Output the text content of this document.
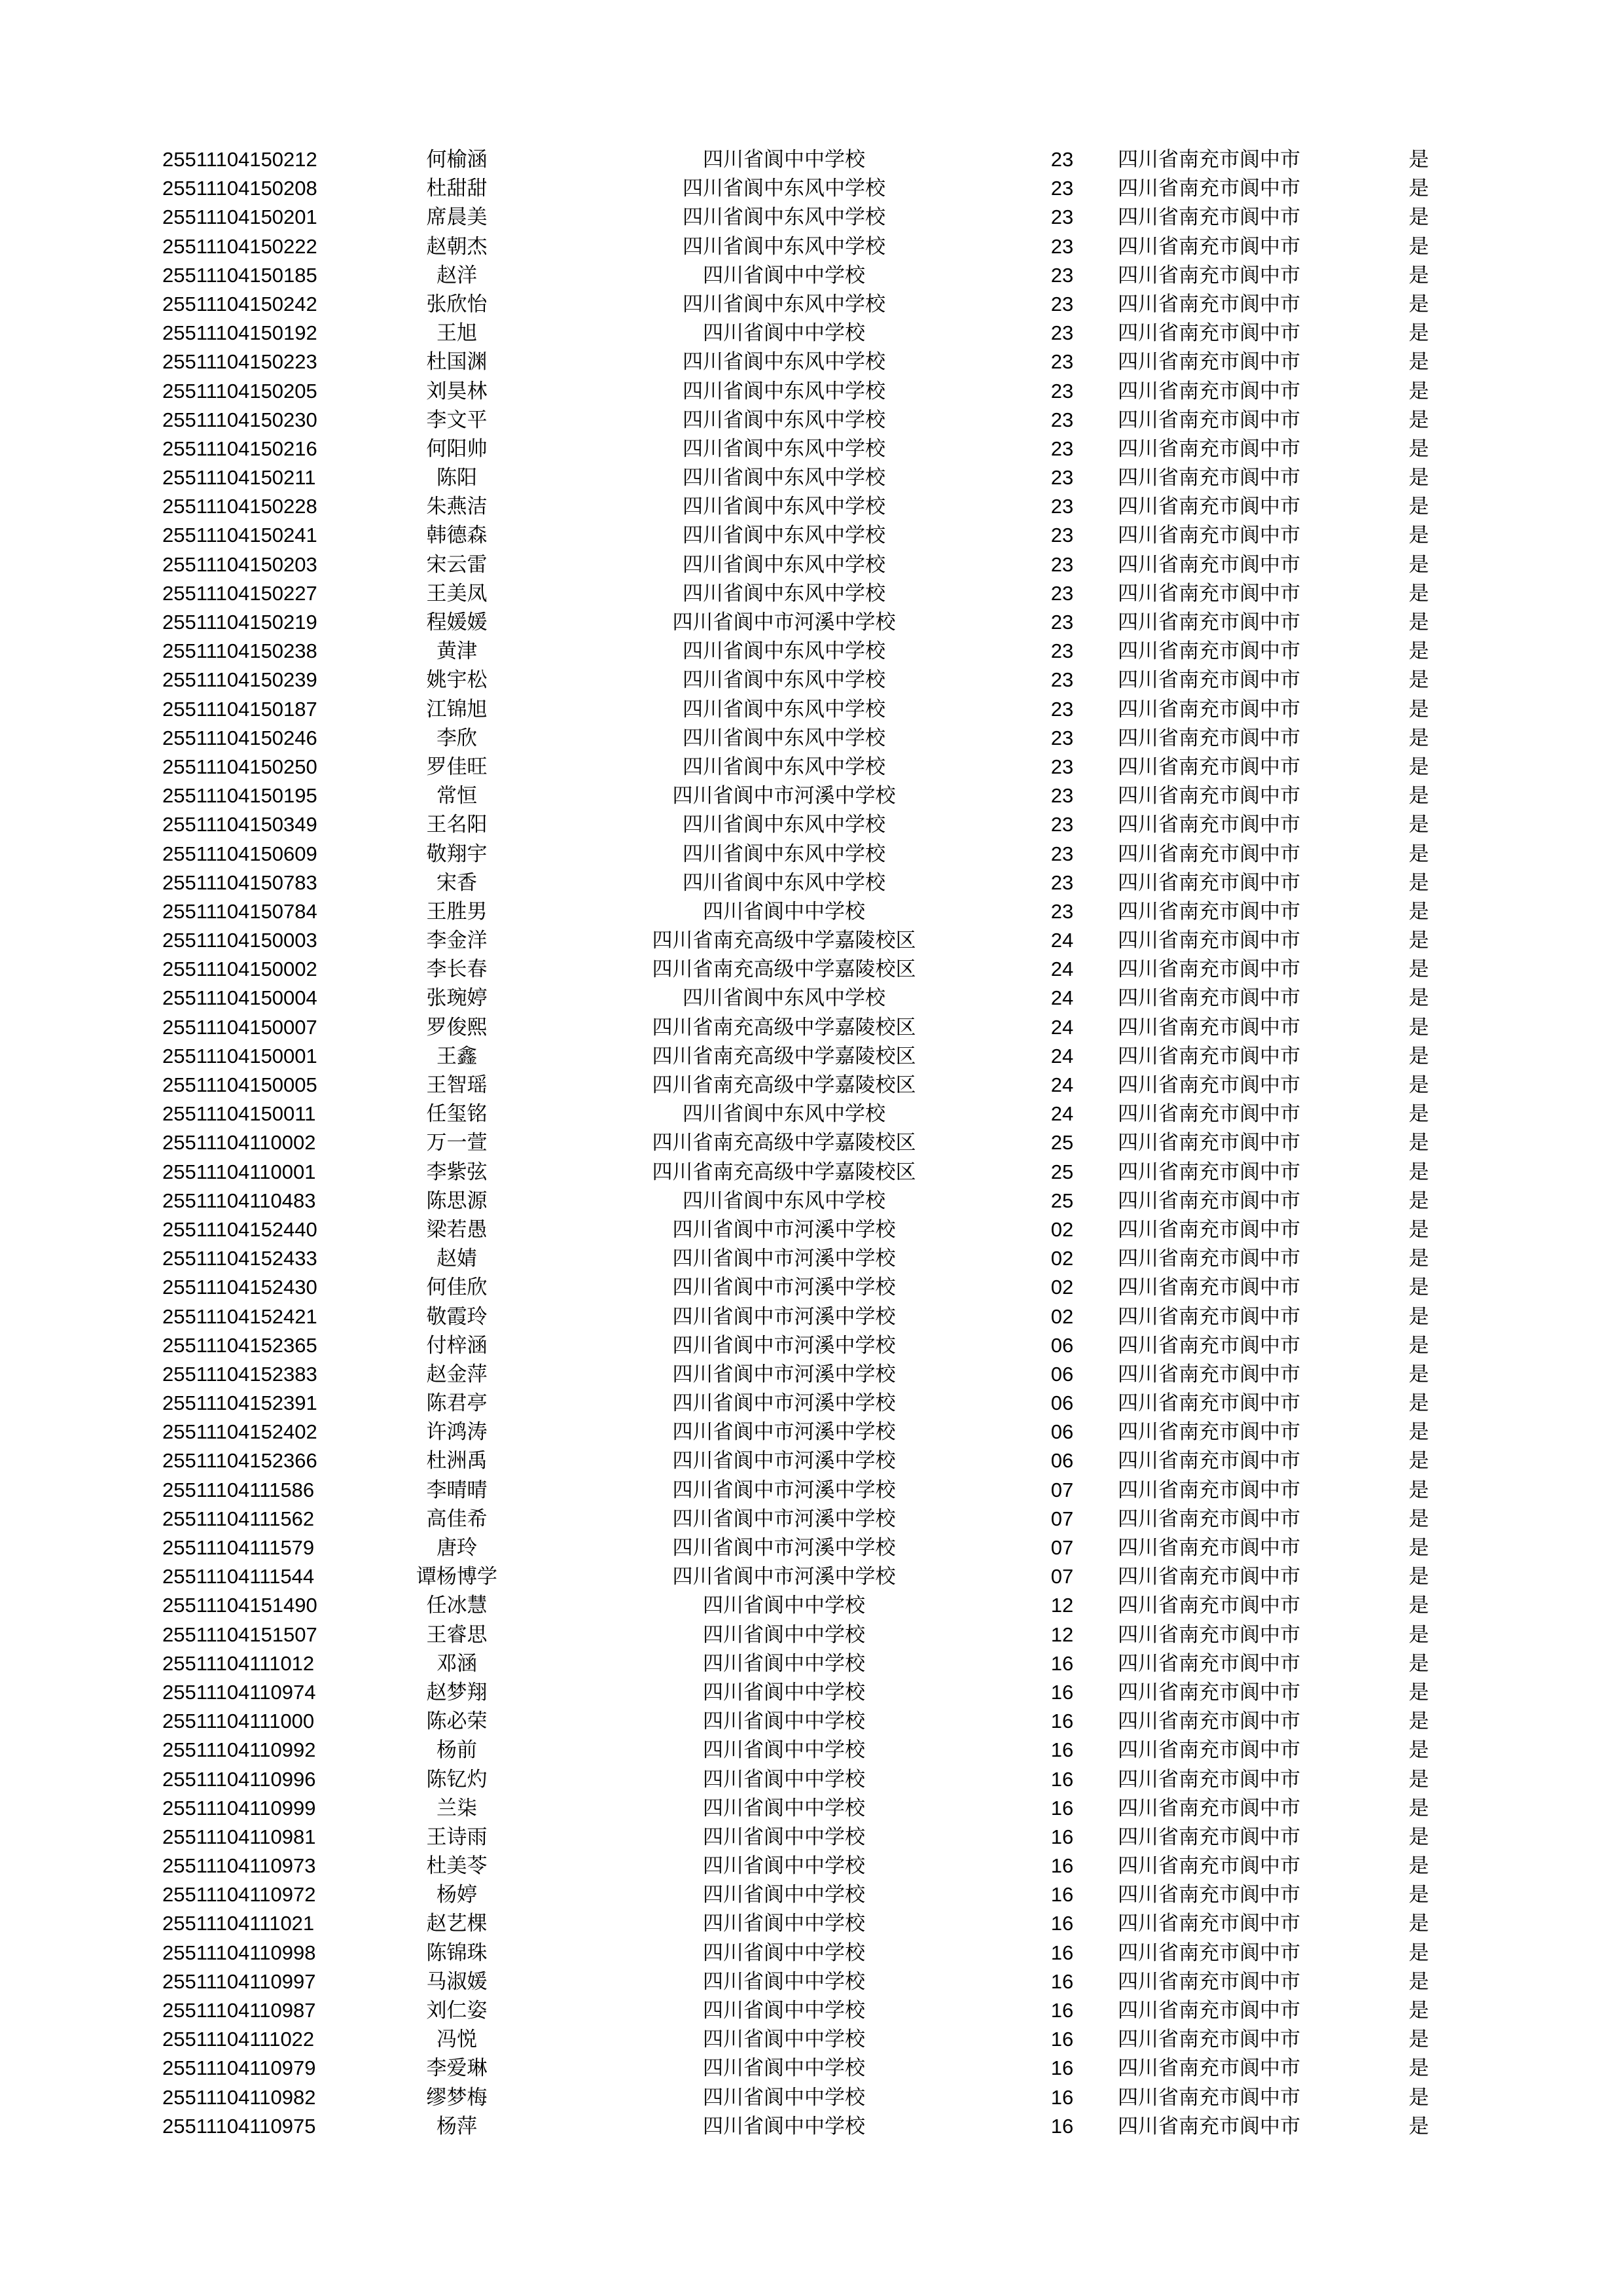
25511104150212	何榆涵	四川省阆中中学校	23	四川省南充市阆中市	是
25511104150208	杜甜甜	四川省阆中东风中学校	23	四川省南充市阆中市	是
25511104150201	席晨美	四川省阆中东风中学校	23	四川省南充市阆中市	是
25511104150222	赵朝杰	四川省阆中东风中学校	23	四川省南充市阆中市	是
25511104150185	赵洋	四川省阆中中学校	23	四川省南充市阆中市	是
25511104150242	张欣怡	四川省阆中东风中学校	23	四川省南充市阆中市	是
25511104150192	王旭	四川省阆中中学校	23	四川省南充市阆中市	是
25511104150223	杜国渊	四川省阆中东风中学校	23	四川省南充市阆中市	是
25511104150205	刘昊林	四川省阆中东风中学校	23	四川省南充市阆中市	是
25511104150230	李文平	四川省阆中东风中学校	23	四川省南充市阆中市	是
25511104150216	何阳帅	四川省阆中东风中学校	23	四川省南充市阆中市	是
25511104150211	陈阳	四川省阆中东风中学校	23	四川省南充市阆中市	是
25511104150228	朱燕洁	四川省阆中东风中学校	23	四川省南充市阆中市	是
25511104150241	韩德森	四川省阆中东风中学校	23	四川省南充市阆中市	是
25511104150203	宋云雷	四川省阆中东风中学校	23	四川省南充市阆中市	是
25511104150227	王美凤	四川省阆中东风中学校	23	四川省南充市阆中市	是
25511104150219	程媛媛	四川省阆中市河溪中学校	23	四川省南充市阆中市	是
25511104150238	黄津	四川省阆中东风中学校	23	四川省南充市阆中市	是
25511104150239	姚宇松	四川省阆中东风中学校	23	四川省南充市阆中市	是
25511104150187	江锦旭	四川省阆中东风中学校	23	四川省南充市阆中市	是
25511104150246	李欣	四川省阆中东风中学校	23	四川省南充市阆中市	是
25511104150250	罗佳旺	四川省阆中东风中学校	23	四川省南充市阆中市	是
25511104150195	常恒	四川省阆中市河溪中学校	23	四川省南充市阆中市	是
25511104150349	王名阳	四川省阆中东风中学校	23	四川省南充市阆中市	是
25511104150609	敬翔宇	四川省阆中东风中学校	23	四川省南充市阆中市	是
25511104150783	宋香	四川省阆中东风中学校	23	四川省南充市阆中市	是
25511104150784	王胜男	四川省阆中中学校	23	四川省南充市阆中市	是
25511104150003	李金洋	四川省南充高级中学嘉陵校区	24	四川省南充市阆中市	是
25511104150002	李长春	四川省南充高级中学嘉陵校区	24	四川省南充市阆中市	是
25511104150004	张琬婷	四川省阆中东风中学校	24	四川省南充市阆中市	是
25511104150007	罗俊熙	四川省南充高级中学嘉陵校区	24	四川省南充市阆中市	是
25511104150001	王鑫	四川省南充高级中学嘉陵校区	24	四川省南充市阆中市	是
25511104150005	王智瑶	四川省南充高级中学嘉陵校区	24	四川省南充市阆中市	是
25511104150011	任玺铭	四川省阆中东风中学校	24	四川省南充市阆中市	是
25511104110002	万一萱	四川省南充高级中学嘉陵校区	25	四川省南充市阆中市	是
25511104110001	李紫弦	四川省南充高级中学嘉陵校区	25	四川省南充市阆中市	是
25511104110483	陈思源	四川省阆中东风中学校	25	四川省南充市阆中市	是
25511104152440	梁若愚	四川省阆中市河溪中学校	02	四川省南充市阆中市	是
25511104152433	赵婧	四川省阆中市河溪中学校	02	四川省南充市阆中市	是
25511104152430	何佳欣	四川省阆中市河溪中学校	02	四川省南充市阆中市	是
25511104152421	敬霞玲	四川省阆中市河溪中学校	02	四川省南充市阆中市	是
25511104152365	付梓涵	四川省阆中市河溪中学校	06	四川省南充市阆中市	是
25511104152383	赵金萍	四川省阆中市河溪中学校	06	四川省南充市阆中市	是
25511104152391	陈君亭	四川省阆中市河溪中学校	06	四川省南充市阆中市	是
25511104152402	许鸿涛	四川省阆中市河溪中学校	06	四川省南充市阆中市	是
25511104152366	杜洲禹	四川省阆中市河溪中学校	06	四川省南充市阆中市	是
25511104111586	李晴晴	四川省阆中市河溪中学校	07	四川省南充市阆中市	是
25511104111562	高佳希	四川省阆中市河溪中学校	07	四川省南充市阆中市	是
25511104111579	唐玲	四川省阆中市河溪中学校	07	四川省南充市阆中市	是
25511104111544	谭杨博学	四川省阆中市河溪中学校	07	四川省南充市阆中市	是
25511104151490	任冰慧	四川省阆中中学校	12	四川省南充市阆中市	是
25511104151507	王睿思	四川省阆中中学校	12	四川省南充市阆中市	是
25511104111012	邓涵	四川省阆中中学校	16	四川省南充市阆中市	是
25511104110974	赵梦翔	四川省阆中中学校	16	四川省南充市阆中市	是
25511104111000	陈必荣	四川省阆中中学校	16	四川省南充市阆中市	是
25511104110992	杨前	四川省阆中中学校	16	四川省南充市阆中市	是
25511104110996	陈钇灼	四川省阆中中学校	16	四川省南充市阆中市	是
25511104110999	兰柒	四川省阆中中学校	16	四川省南充市阆中市	是
25511104110981	王诗雨	四川省阆中中学校	16	四川省南充市阆中市	是
25511104110973	杜美苓	四川省阆中中学校	16	四川省南充市阆中市	是
25511104110972	杨婷	四川省阆中中学校	16	四川省南充市阆中市	是
25511104111021	赵艺棵	四川省阆中中学校	16	四川省南充市阆中市	是
25511104110998	陈锦珠	四川省阆中中学校	16	四川省南充市阆中市	是
25511104110997	马淑媛	四川省阆中中学校	16	四川省南充市阆中市	是
25511104110987	刘仁姿	四川省阆中中学校	16	四川省南充市阆中市	是
25511104111022	冯悦	四川省阆中中学校	16	四川省南充市阆中市	是
25511104110979	李爱琳	四川省阆中中学校	16	四川省南充市阆中市	是
25511104110982	缪梦梅	四川省阆中中学校	16	四川省南充市阆中市	是
25511104110975	杨萍	四川省阆中中学校	16	四川省南充市阆中市	是
